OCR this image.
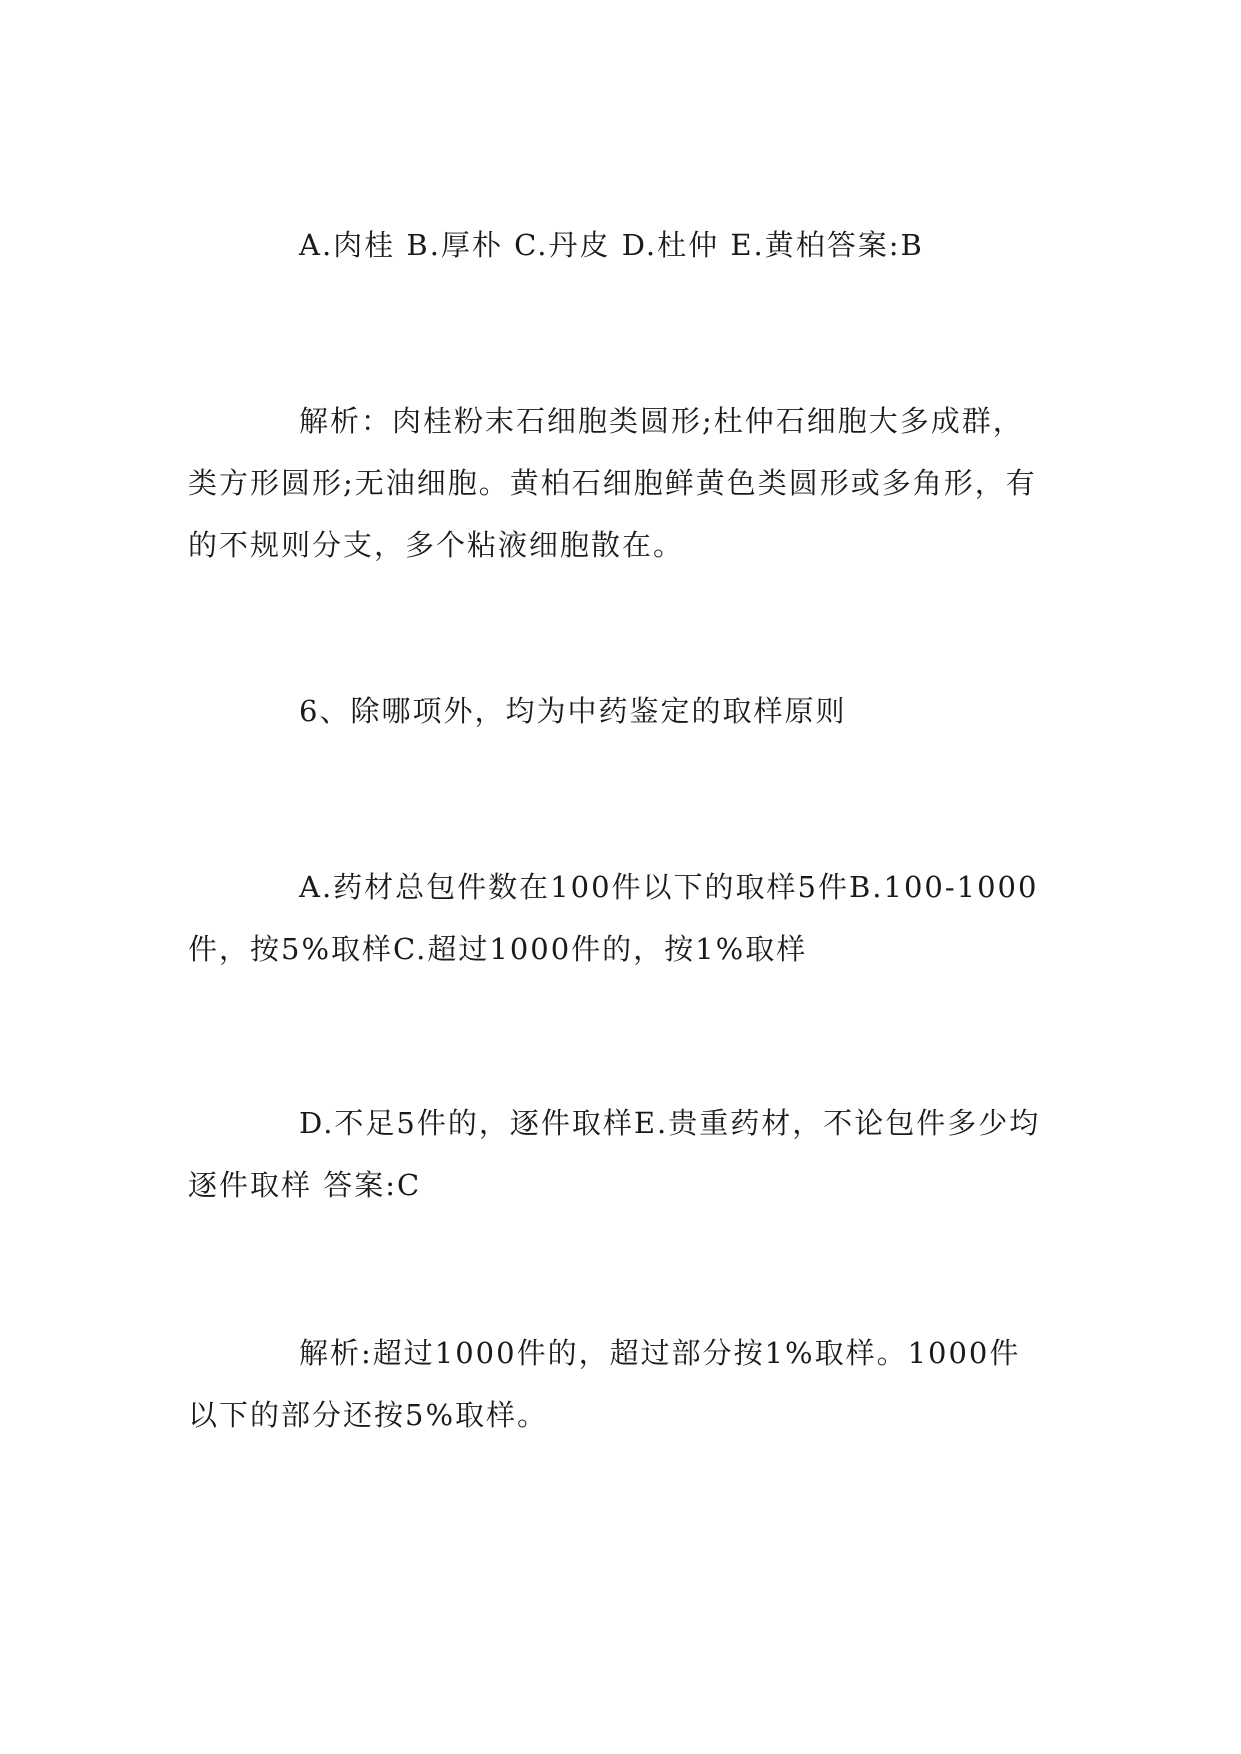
A.肉桂 B.厚朴 C.丹皮 D.杜仲 E.黄柏答案:B

解析：肉桂粉末石细胞类圆形;杜仲石细胞大多成群，类方形圆形;无油细胞。黄柏石细胞鲜黄色类圆形或多角形，有的不规则分支，多个粘液细胞散在。

6、除哪项外，均为中药鉴定的取样原则

A.药材总包件数在100件以下的取样5件B.100-1000件，按5%取样C.超过1000件的，按1%取样

D.不足5件的，逐件取样E.贵重药材，不论包件多少均逐件取样 答案:C

解析:超过1000件的，超过部分按1%取样。1000件以下的部分还按5%取样。
